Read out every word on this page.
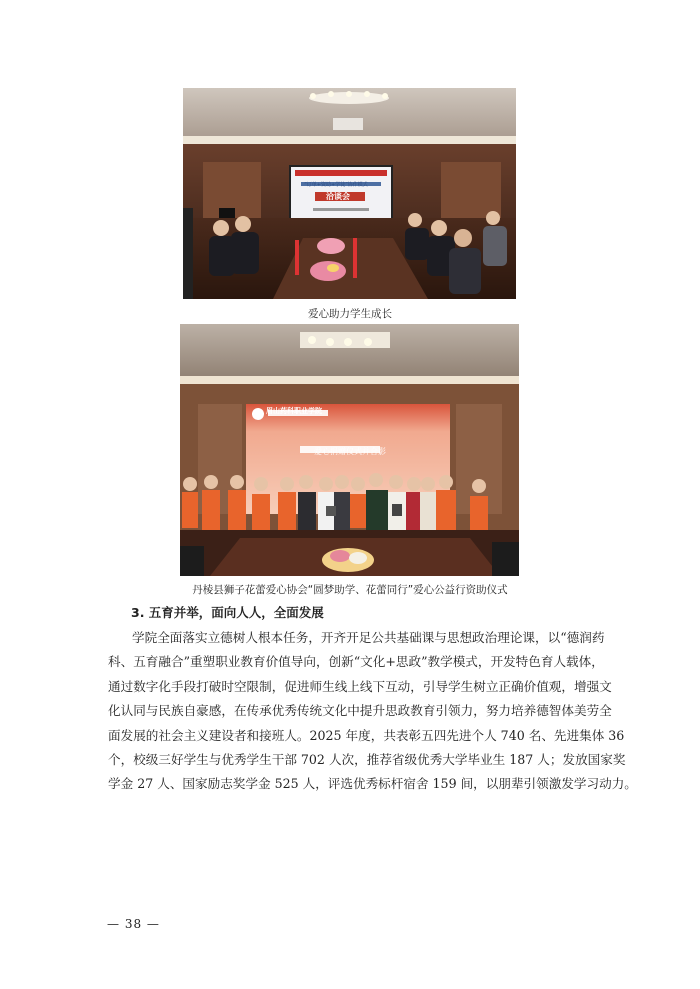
爱心助力学生成长
丹棱县狮子花蕾爱心协会“圆梦助学、花蕾同行”爱心公益行资助仪式
3. 五育并举，面向人人，全面发展
学院全面落实立德树人根本任务，开齐开足公共基础课与思想政治理论课，以“德润药
科、五育融合”重塑职业教育价值导向，创新“文化+思政”教学模式，开发特色育人载体，
通过数字化手段打破时空限制，促进师生线上线下互动，引导学生树立正确价值观，增强文
化认同与民族自豪感，在传承优秀传统文化中提升思政教育引领力，努力培养德智体美劳全
面发展的社会主义建设者和接班人。2025 年度，共表彰五四先进个人 740 名、先进集体 36
个，校级三好学生与优秀学生干部 702 人次，推荐省级优秀大学毕业生 187 人；发放国家奖
学金 27 人、国家励志奖学金 525 人，评选优秀标杆宿舍 159 间，以朋辈引领激发学习动力。
— 38 —
“订单+资助+学徒”协作模式
洽谈会
眉山药科职业学院
爱心捐赠仪式并合影
